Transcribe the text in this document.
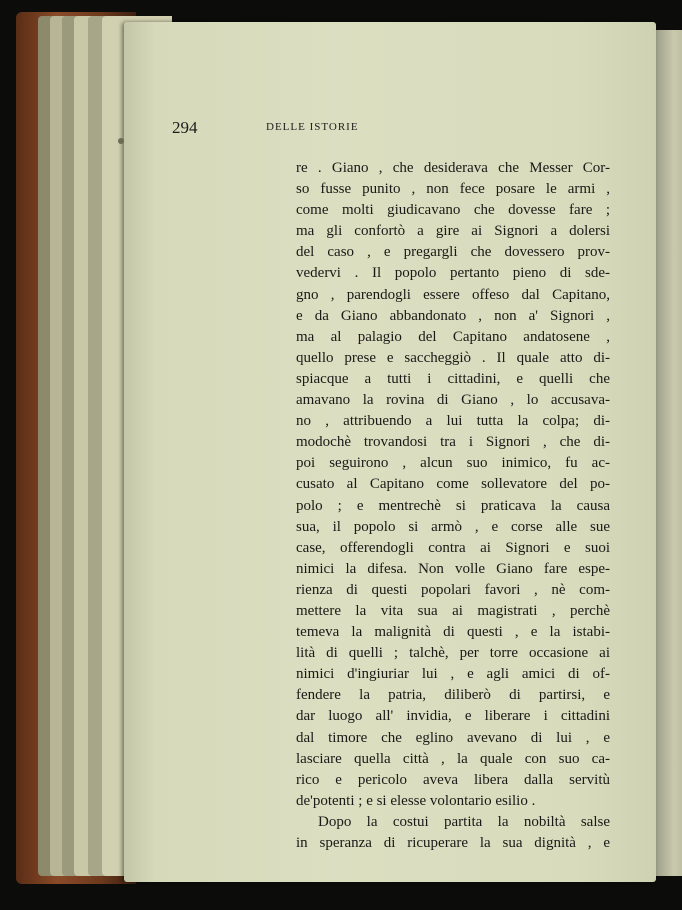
294	DELLE ISTORIE
re . Giano , che desiderava che Messer Cor-
so fusse punito , non fece posare le armi ,
come molti giudicavano che dovesse fare ;
ma gli confortò a gire ai Signori a dolersi
del caso , e pregargli che dovessero prov-
vedervi . Il popolo pertanto pieno di sde-
gno , parendogli essere offeso dal Capitano,
e da Giano abbandonato , non a' Signori ,
ma al palagio del Capitano andatosene ,
quello prese e saccheggiò . Il quale atto di-
spiacque a tutti i cittadini, e quelli che
amavano la rovina di Giano , lo accusava-
no , attribuendo a lui tutta la colpa; di-
modochè trovandosi tra i Signori , che di-
poi seguirono , alcun suo inimico, fu ac-
cusato al Capitano come sollevatore del po-
polo ; e mentrechè si praticava la causa
sua, il popolo si armò , e corse alle sue
case, offerendogli contra ai Signori e suoi
nimici la difesa. Non volle Giano fare espe-
rienza di questi popolari favori , nè com-
mettere la vita sua ai magistrati , perchè
temeva la malignità di questi , e la istabi-
lità di quelli ; talchè, per torre occasione ai
nimici d'ingiuriar lui , e agli amici di of-
fendere la patria, diliberò di partirsi, e
dar luogo all' invidia, e liberare i cittadini
dal timore che eglino avevano di lui , e
lasciare quella città , la quale con suo ca-
rico e pericolo aveva libera dalla servitù
de'potenti ; e si elesse volontario esilio .
Dopo la costui partita la nobiltà salse
in speranza di ricuperare la sua dignità , e
